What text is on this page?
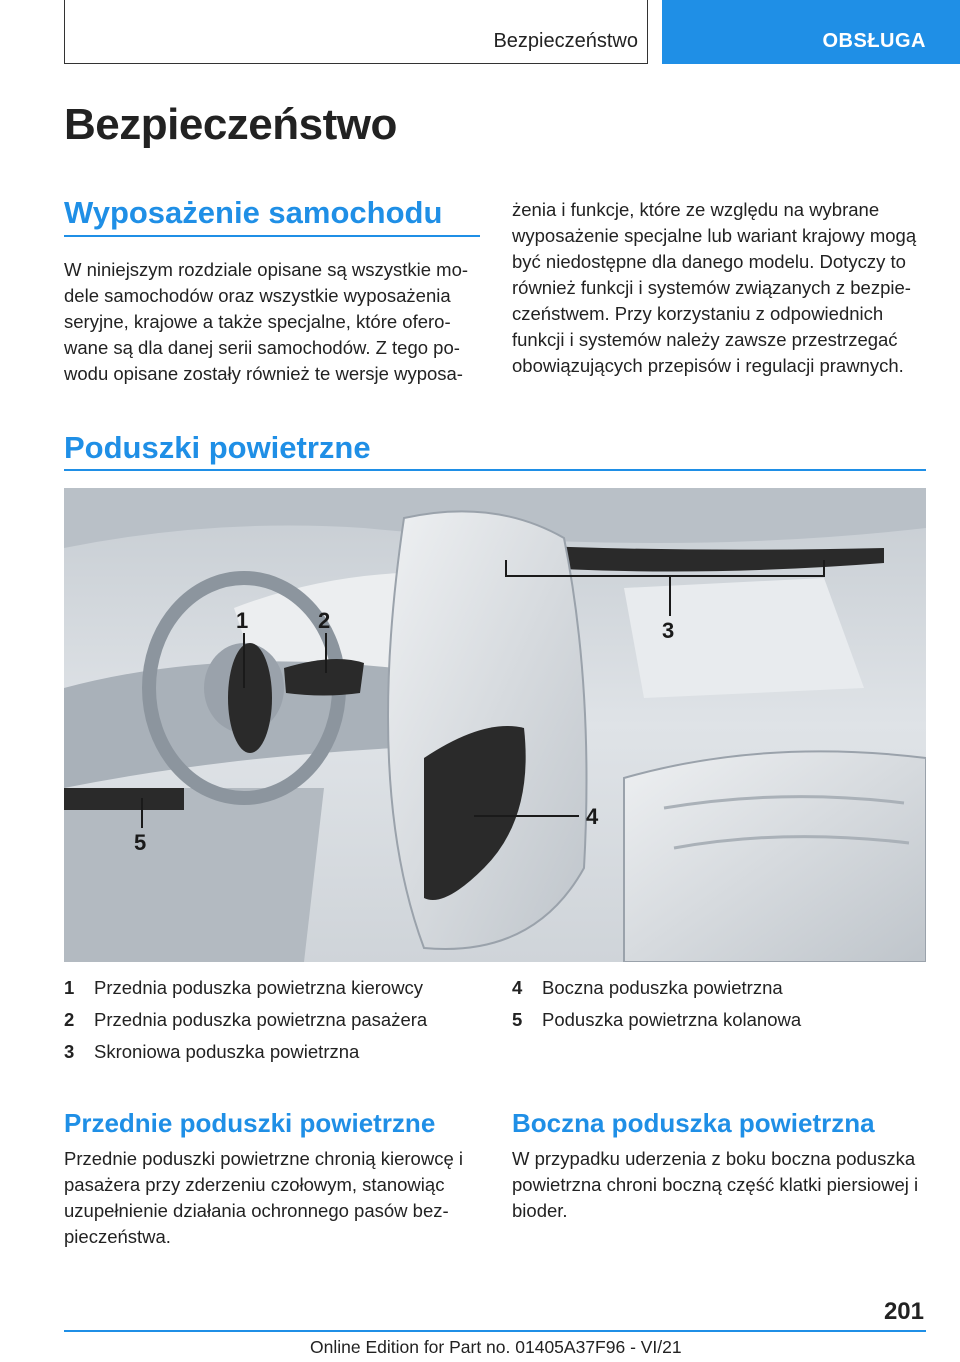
Bezpieczeństwo	OBSŁUGA
Bezpieczeństwo
Wyposażenie samochodu

W niniejszym rozdziale opisane są wszystkie mo-dele samochodów oraz wszystkie wyposażenia seryjne, krajowe a także specjalne, które ofero-wane są dla danej serii samochodów. Z tego po-wodu opisane zostały również te wersje wyposa-

żenia i funkcje, które ze względu na wybrane wyposażenie specjalne lub wariant krajowy mogą być niedostępne dla danego modelu. Dotyczy to również funkcji i systemów związanych z bezpie-czeństwem. Przy korzystaniu z odpowiednich funkcji i systemów należy zawsze przestrzegać obowiązujących przepisów i regulacji prawnych.

Poduszki powietrzne
1	2	3
4
5
1	Przednia poduszka powietrzna kierowcy
2	Przednia poduszka powietrzna pasażera
3	Skroniowa poduszka powietrzna
4	Boczna poduszka powietrzna
5	Poduszka powietrzna kolanowa
Przednie poduszki powietrzne

Przednie poduszki powietrzne chronią kierowcę i pasażera przy zderzeniu czołowym, stanowiąc uzupełnienie działania ochronnego pasów bez-pieczeństwa.

Boczna poduszka powietrzna

W przypadku uderzenia z boku boczna poduszka powietrzna chroni boczną część klatki piersiowej i bioder.

201
Online Edition for Part no. 01405A37F96 - VI/21
